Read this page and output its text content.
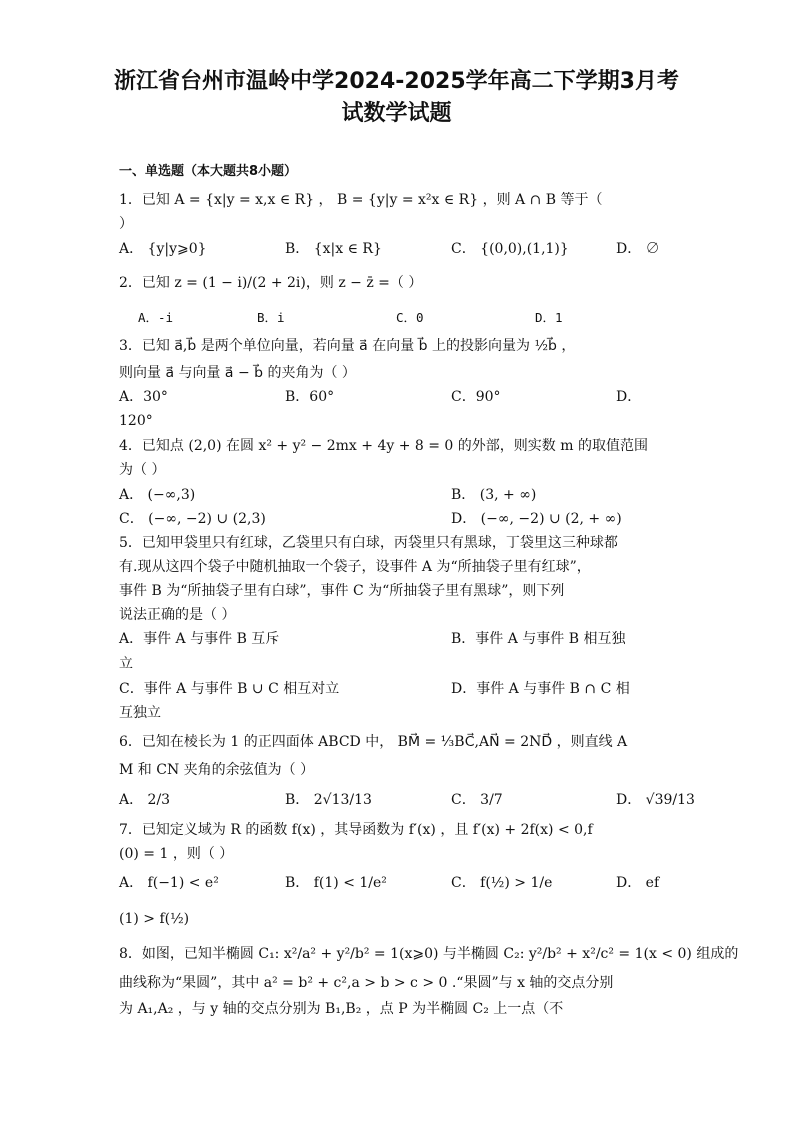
浙江省台州市温岭中学2024-2025学年高二下学期3月考
试数学试题
一、单选题（本大题共8小题）
1．已知 A = {x|y = x,x ∈ R} ， B = {y|y = x²x ∈ R} ，则 A ∩ B 等于（
）
A． {y|y⩾0}	B． {x|x ∈ R}	C． {(0,0),(1,1)}	D． ∅
2．已知 z = (1 − i)/(2 + 2i)，则 z − z̄ =（ ）
A．-i	B．i	C．0	D．1
3．已知 a⃗,b⃗ 是两个单位向量，若向量 a⃗ 在向量 b⃗ 上的投影向量为 ½b⃗ ，
则向量 a⃗ 与向量 a⃗ − b⃗ 的夹角为（ ）
A．30°	B．60°	C．90°	D．
120°
4．已知点 (2,0) 在圆 x² + y² − 2mx + 4y + 8 = 0 的外部，则实数 m 的取值范围
为（ ）
A． (−∞,3)	B． (3, + ∞)
C． (−∞, −2) ∪ (2,3)	D． (−∞, −2) ∪ (2, + ∞)
5．已知甲袋里只有红球，乙袋里只有白球，丙袋里只有黑球，丁袋里这三种球都
有.现从这四个袋子中随机抽取一个袋子，设事件 A 为“所抽袋子里有红球”，
事件 B 为“所抽袋子里有白球”，事件 C 为“所抽袋子里有黑球”，则下列
说法正确的是（ ）
A．事件 A 与事件 B 互斥	B．事件 A 与事件 B 相互独
立
C．事件 A 与事件 B ∪ C 相互对立	D．事件 A 与事件 B ∩ C 相
互独立
6．已知在棱长为 1 的正四面体 ABCD 中， BM⃗ = ⅓BC⃗,AN⃗ = 2ND⃗ ，则直线 A
M 和 CN 夹角的余弦值为（ ）
A． 2/3	B． 2√13/13	C． 3/7	D． √39/13
7．已知定义域为 R 的函数 f(x) ，其导函数为 f′(x) ，且 f′(x) + 2f(x) < 0,f
(0) = 1 ，则（ ）
A． f(−1) < e²	B． f(1) < 1/e²	C． f(½) > 1/e	D． ef
(1) > f(½)
8．如图，已知半椭圆 C₁: x²/a² + y²/b² = 1(x⩾0) 与半椭圆 C₂: y²/b² + x²/c² = 1(x < 0) 组成的
曲线称为“果圆”，其中 a² = b² + c²,a > b > c > 0 .“果圆”与 x 轴的交点分别
为 A₁,A₂ ，与 y 轴的交点分别为 B₁,B₂ ，点 P 为半椭圆 C₂ 上一点（不
